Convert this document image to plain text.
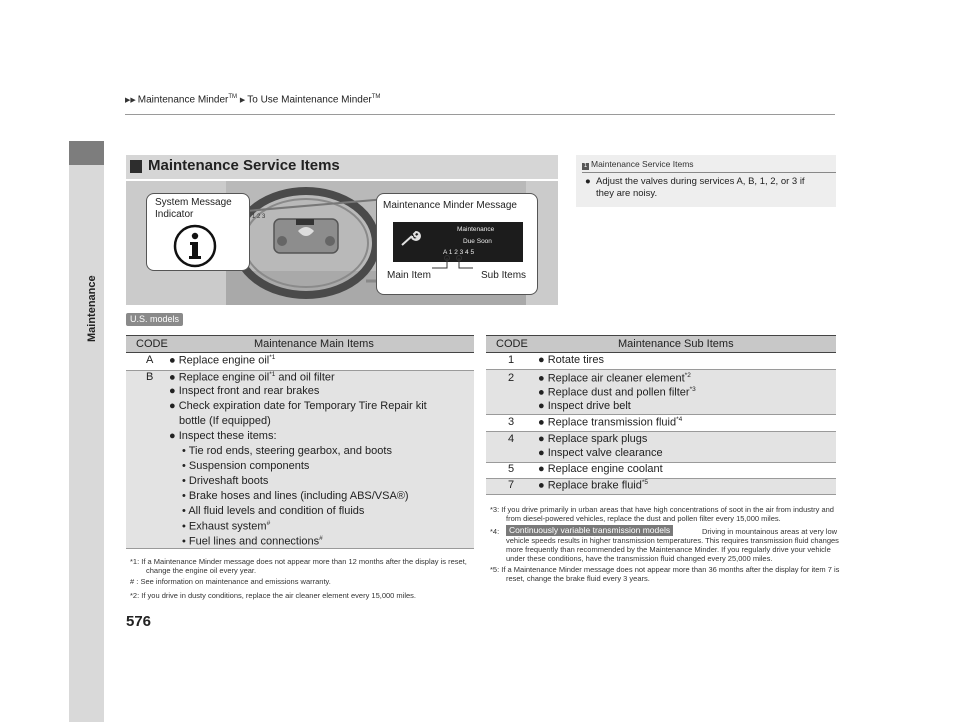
Maintenance
▶▶ Maintenance Minder™ ▶ To Use Maintenance Minder™
Maintenance Service Items
1 2 3
System Message
Indicator
Maintenance Minder Message
Maintenance
Due Soon
A 1 2 3 4 5
Main Item	Sub Items
1 Maintenance Service Items
● Adjust the valves during services A, B, 1, 2, or 3 if
they are noisy.
U.S. models
CODE	Maintenance Main Items
A ● Replace engine oil$^{*1}$
B ● Replace engine oil$^{*1}$ and oil filter
● Inspect front and rear brakes
● Check expiration date for Temporary Tire Repair kit
bottle (If equipped)
● Inspect these items:
• Tie rod ends, steering gearbox, and boots
• Suspension components
• Driveshaft boots
• Brake hoses and lines (including ABS/VSA®)
• All fluid levels and condition of fluids
• Exhaust system#
• Fuel lines and connections#
*1: If a Maintenance Minder message does not appear more than 12 months after the display is reset,
change the engine oil every year.
# : See information on maintenance and emissions warranty.
*2: If you drive in dusty conditions, replace the air cleaner element every 15,000 miles.
CODE	Maintenance Sub Items
1 ● Rotate tires
2 ● Replace air cleaner element$^{*2}$
● Replace dust and pollen filter$^{*3}$
● Inspect drive belt
3 ● Replace transmission fluid$^{*4}$
4 ● Replace spark plugs
● Inspect valve clearance
5 ● Replace engine coolant
7 ● Replace brake fluid$^{*5}$
*3: If you drive primarily in urban areas that have high concentrations of soot in the air from industry and
from diesel-powered vehicles, replace the dust and pollen filter every 15,000 miles.
*4:	Continuously variable transmission models	Driving in mountainous areas at very low
vehicle speeds results in higher transmission temperatures. This requires transmission fluid changes
more frequently than recommended by the Maintenance Minder. If you regularly drive your vehicle
under these conditions, have the transmission fluid changed every 25,000 miles.
*5: If a Maintenance Minder message does not appear more than 36 months after the display for item 7 is
reset, change the brake fluid every 3 years.
576
